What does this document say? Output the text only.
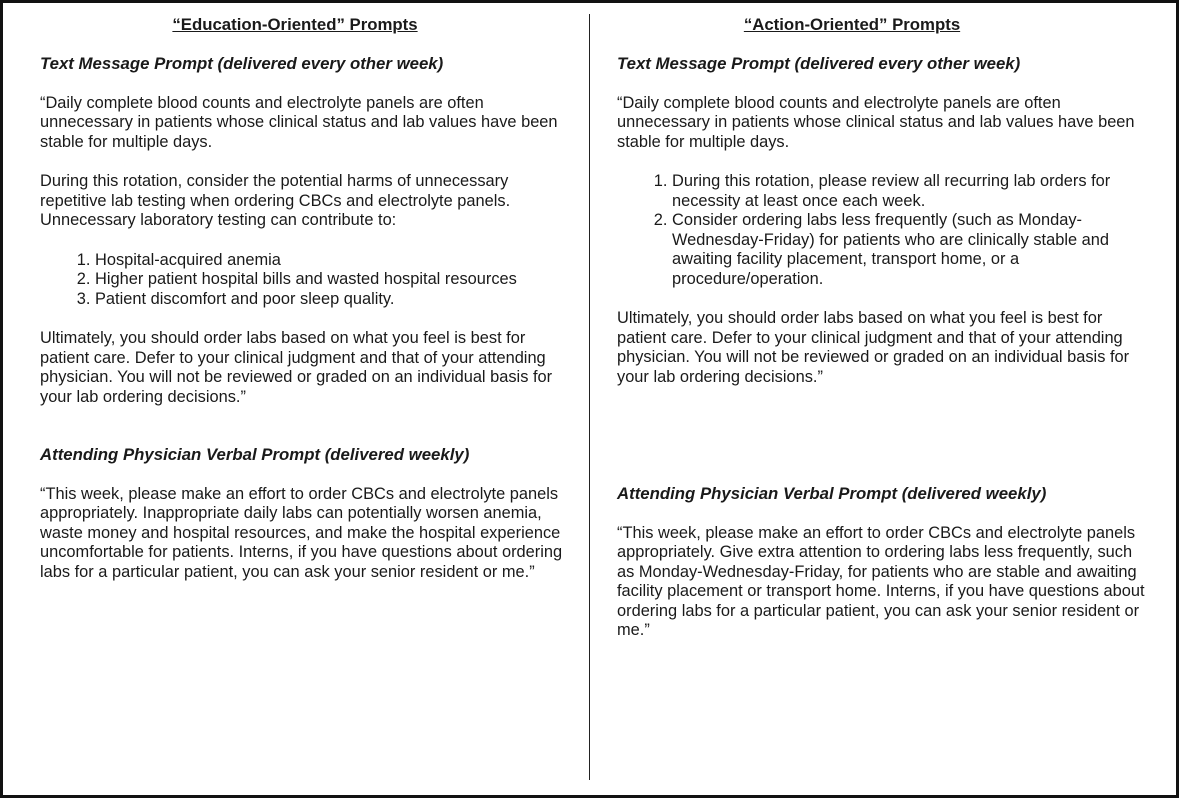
“Education-Oriented” Prompts

Text Message Prompt (delivered every other week)

“Daily complete blood counts and electrolyte panels are often unnecessary in patients whose clinical status and lab values have been stable for multiple days.

During this rotation, consider the potential harms of unnecessary repetitive lab testing when ordering CBCs and electrolyte panels. Unnecessary laboratory testing can contribute to:

1. Hospital-acquired anemia
2. Higher patient hospital bills and wasted hospital resources
3. Patient discomfort and poor sleep quality.

Ultimately, you should order labs based on what you feel is best for patient care. Defer to your clinical judgment and that of your attending physician. You will not be reviewed or graded on an individual basis for your lab ordering decisions.”

Attending Physician Verbal Prompt (delivered weekly)

“This week, please make an effort to order CBCs and electrolyte panels appropriately. Inappropriate daily labs can potentially worsen anemia, waste money and hospital resources, and make the hospital experience uncomfortable for patients. Interns, if you have questions about ordering labs for a particular patient, you can ask your senior resident or me.”

“Action-Oriented” Prompts

Text Message Prompt (delivered every other week)

“Daily complete blood counts and electrolyte panels are often unnecessary in patients whose clinical status and lab values have been stable for multiple days.

1. During this rotation, please review all recurring lab orders for necessity at least once each week.
2. Consider ordering labs less frequently (such as Monday-Wednesday-Friday) for patients who are clinically stable and awaiting facility placement, transport home, or a procedure/operation.

Ultimately, you should order labs based on what you feel is best for patient care. Defer to your clinical judgment and that of your attending physician. You will not be reviewed or graded on an individual basis for your lab ordering decisions.”

Attending Physician Verbal Prompt (delivered weekly)

“This week, please make an effort to order CBCs and electrolyte panels appropriately. Give extra attention to ordering labs less frequently, such as Monday-Wednesday-Friday, for patients who are stable and awaiting facility placement or transport home. Interns, if you have questions about ordering labs for a particular patient, you can ask your senior resident or me.”
